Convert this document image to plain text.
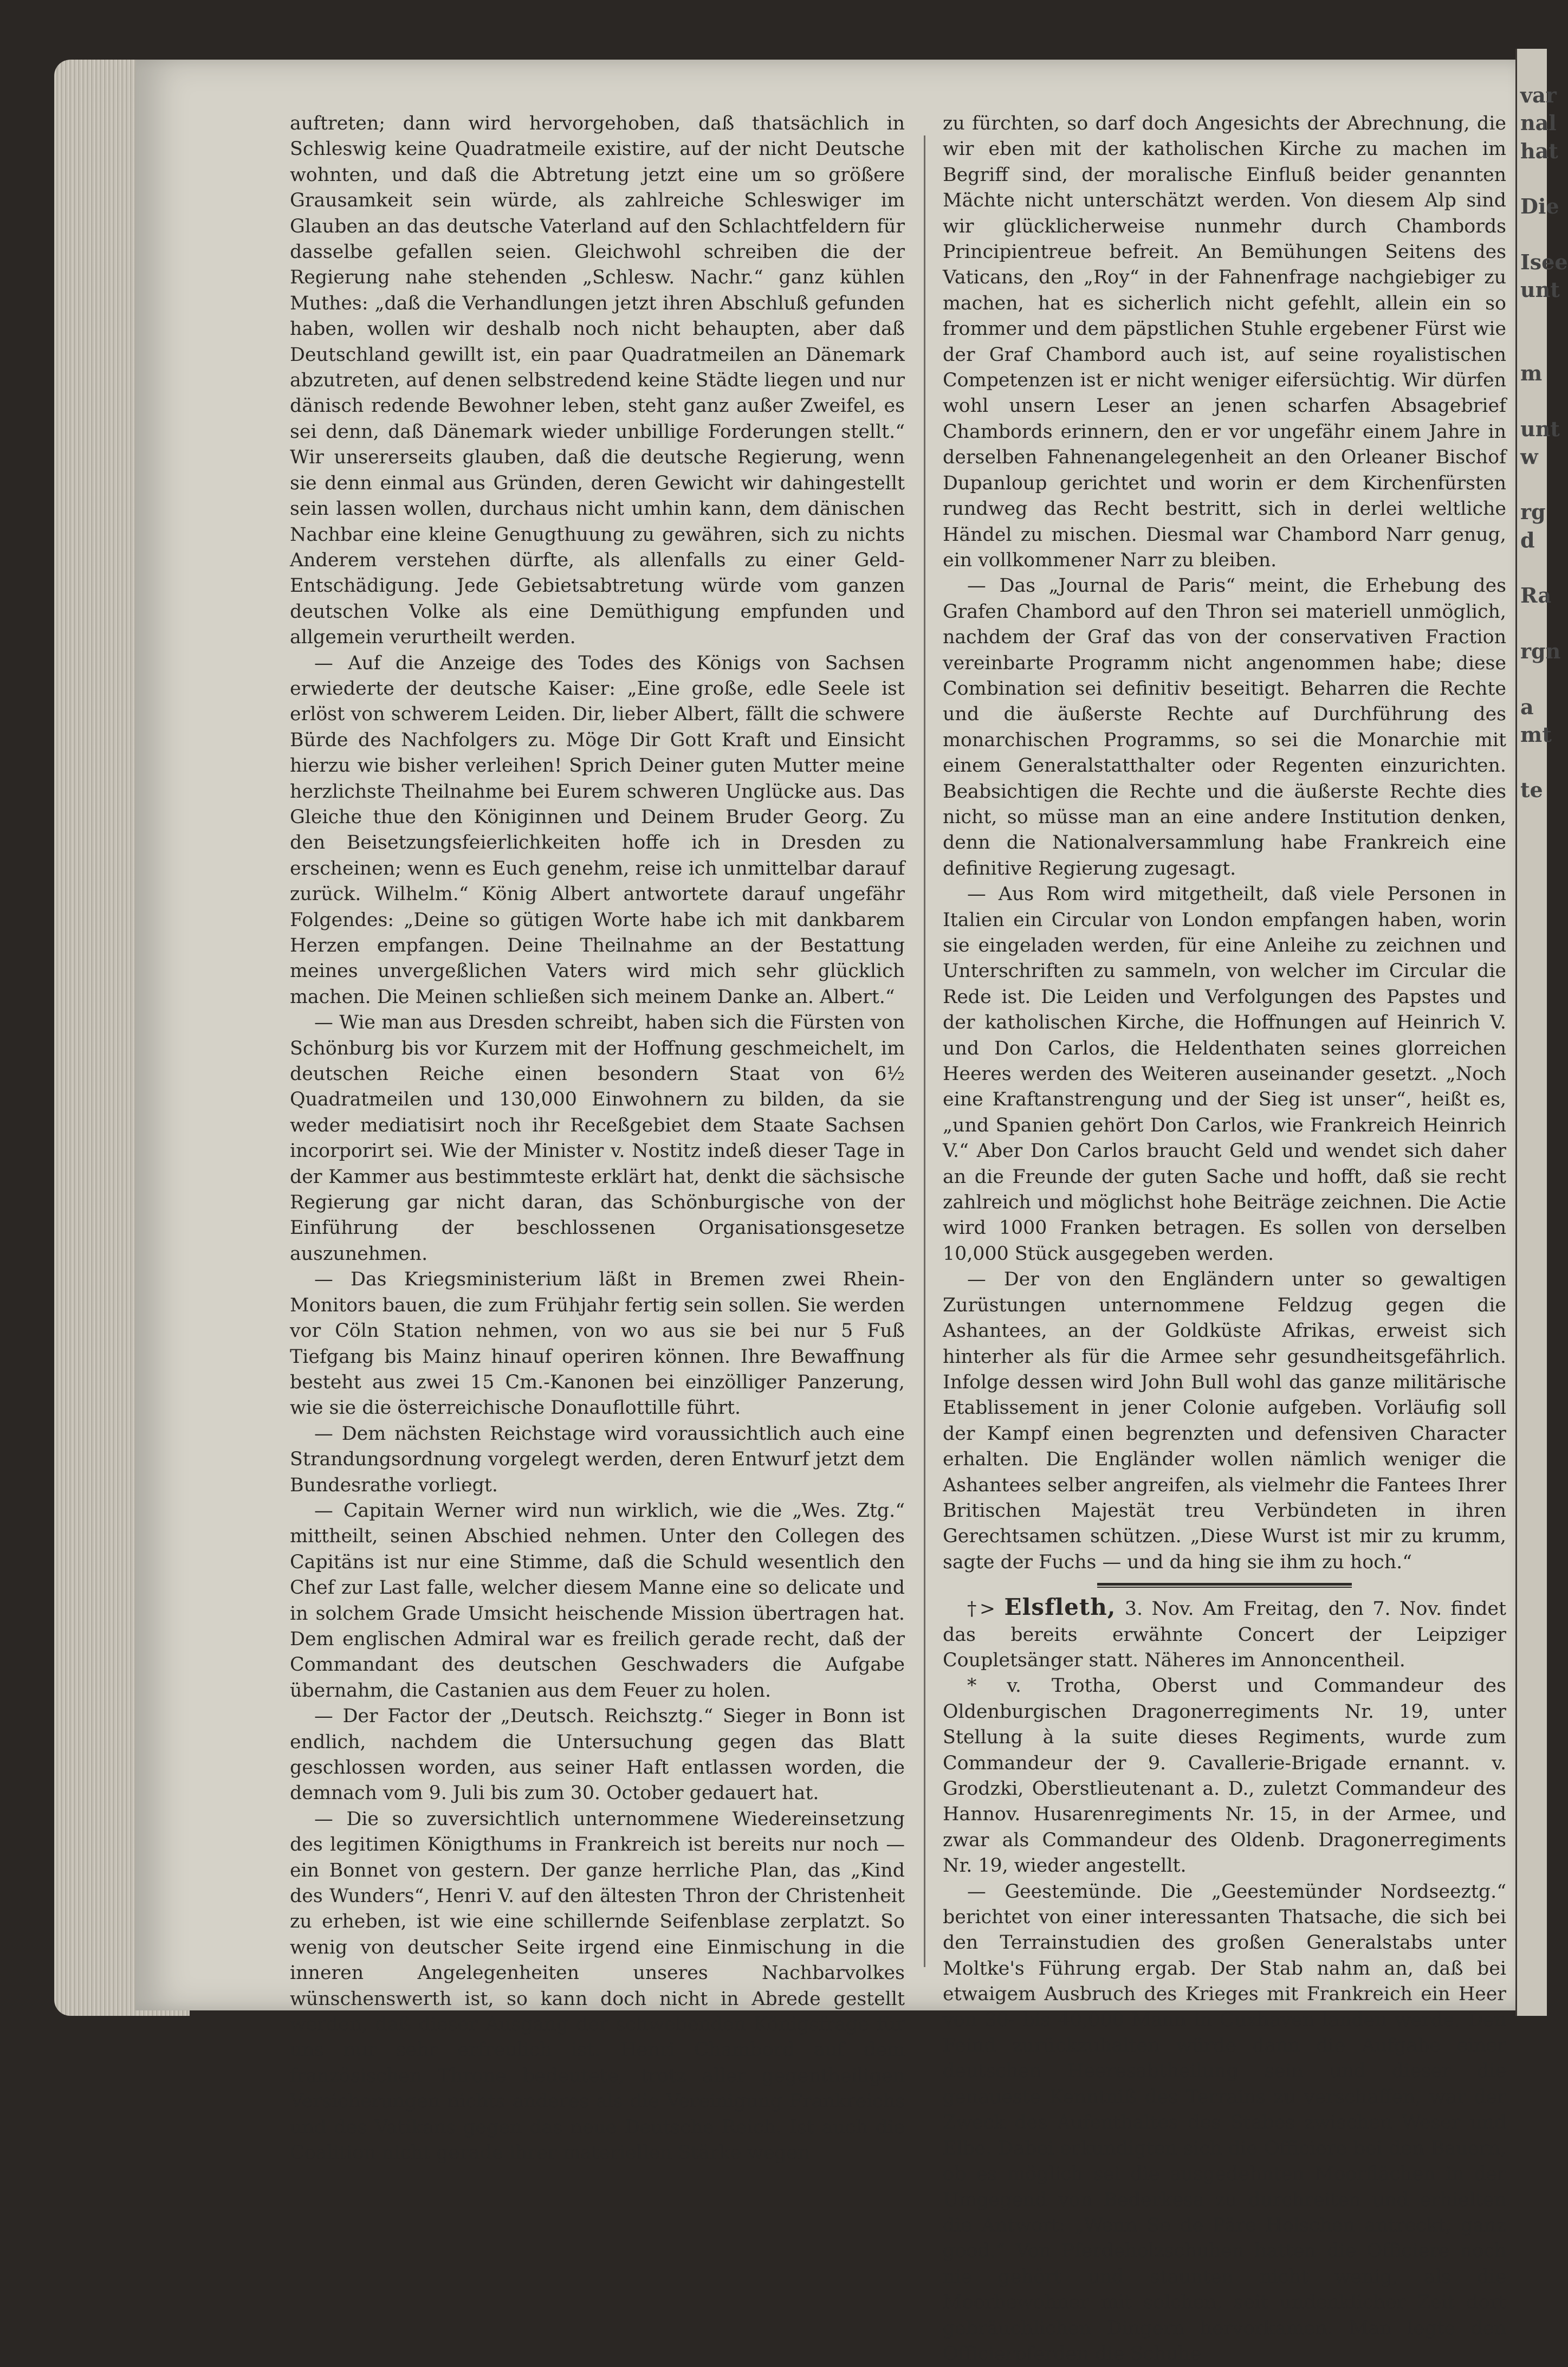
var
nal
hat

Die

Isee
unt

m

unt
w

rg
d

Ra

rgn

a
mt

te

auftreten; dann wird hervorgehoben, daß thatsächlich in Schleswig keine Quadratmeile existire, auf der nicht Deutsche wohnten, und daß die Abtretung jetzt eine um so größere Grausamkeit sein würde, als zahlreiche Schleswiger im Glauben an das deutsche Vaterland auf den Schlachtfeldern für dasselbe gefallen seien. Gleichwohl schreiben die der Regierung nahe stehenden „Schlesw. Nachr.“ ganz kühlen Muthes: „daß die Verhandlungen jetzt ihren Abschluß gefunden haben, wollen wir deshalb noch nicht behaupten, aber daß Deutschland gewillt ist, ein paar Quadratmeilen an Dänemark abzutreten, auf denen selbstredend keine Städte liegen und nur dänisch redende Bewohner leben, steht ganz außer Zweifel, es sei denn, daß Dänemark wieder unbillige Forderungen stellt.“ Wir unsererseits glauben, daß die deutsche Regierung, wenn sie denn einmal aus Gründen, deren Gewicht wir dahingestellt sein lassen wollen, durchaus nicht umhin kann, dem dänischen Nachbar eine kleine Genugthuung zu gewähren, sich zu nichts Anderem verstehen dürfte, als allenfalls zu einer Geld-Entschädigung. Jede Gebietsabtretung würde vom ganzen deutschen Volke als eine Demüthigung empfunden und allgemein verurtheilt werden.

— Auf die Anzeige des Todes des Königs von Sachsen erwiederte der deutsche Kaiser: „Eine große, edle Seele ist erlöst von schwerem Leiden. Dir, lieber Albert, fällt die schwere Bürde des Nachfolgers zu. Möge Dir Gott Kraft und Einsicht hierzu wie bisher verleihen! Sprich Deiner guten Mutter meine herzlichste Theilnahme bei Eurem schweren Unglücke aus. Das Gleiche thue den Königinnen und Deinem Bruder Georg. Zu den Beisetzungsfeierlichkeiten hoffe ich in Dresden zu erscheinen; wenn es Euch genehm, reise ich unmittelbar darauf zurück. Wilhelm.“ König Albert antwortete darauf ungefähr Folgendes: „Deine so gütigen Worte habe ich mit dankbarem Herzen empfangen. Deine Theilnahme an der Bestattung meines unvergeßlichen Vaters wird mich sehr glücklich machen. Die Meinen schließen sich meinem Danke an. Albert.“

— Wie man aus Dresden schreibt, haben sich die Fürsten von Schönburg bis vor Kurzem mit der Hoffnung geschmeichelt, im deutschen Reiche einen besondern Staat von 6½ Quadratmeilen und 130,000 Einwohnern zu bilden, da sie weder mediatisirt noch ihr Receßgebiet dem Staate Sachsen incorporirt sei. Wie der Minister v. Nostitz indeß dieser Tage in der Kammer aus bestimmteste erklärt hat, denkt die sächsische Regierung gar nicht daran, das Schönburgische von der Einführung der beschlossenen Organisationsgesetze auszunehmen.

— Das Kriegsministerium läßt in Bremen zwei Rhein-Monitors bauen, die zum Frühjahr fertig sein sollen. Sie werden vor Cöln Station nehmen, von wo aus sie bei nur 5 Fuß Tiefgang bis Mainz hinauf operiren können. Ihre Bewaffnung besteht aus zwei 15 Cm.-Kanonen bei einzölliger Panzerung, wie sie die österreichische Donauflottille führt.

— Dem nächsten Reichstage wird voraussichtlich auch eine Strandungsordnung vorgelegt werden, deren Entwurf jetzt dem Bundesrathe vorliegt.

— Capitain Werner wird nun wirklich, wie die „Wes. Ztg.“ mittheilt, seinen Abschied nehmen. Unter den Collegen des Capitäns ist nur eine Stimme, daß die Schuld wesentlich den Chef zur Last falle, welcher diesem Manne eine so delicate und in solchem Grade Umsicht heischende Mission übertragen hat. Dem englischen Admiral war es freilich gerade recht, daß der Commandant des deutschen Geschwaders die Aufgabe übernahm, die Castanien aus dem Feuer zu holen.

— Der Factor der „Deutsch. Reichsztg.“ Sieger in Bonn ist endlich, nachdem die Untersuchung gegen das Blatt geschlossen worden, aus seiner Haft entlassen worden, die demnach vom 9. Juli bis zum 30. October gedauert hat.

— Die so zuversichtlich unternommene Wiedereinsetzung des legitimen Königthums in Frankreich ist bereits nur noch — ein Bonnet von gestern. Der ganze herrliche Plan, das „Kind des Wunders“, Henri V. auf den ältesten Thron der Christenheit zu erheben, ist wie eine schillernde Seifenblase zerplatzt. So wenig von deutscher Seite irgend eine Einmischung in die inneren Angelegenheiten unseres Nachbarvolkes wünschenswerth ist, so kann doch nicht in Abrede gestellt werden, daß dieser Ausgang der schwebenden Königsfrage für uns nur sehr erfreulich ist. Henri Chambord auf dem französischen Throne bedeutete, trotz aller gegentheiligen Versicherungen nichts anderes als die Vereinigung Frankreichs und des Vatikans gegen das neue Deutsche Reich. Ist auch die Coalition nicht gerade ihrer materiellen Stärke wegen

zu fürchten, so darf doch Angesichts der Abrechnung, die wir eben mit der katholischen Kirche zu machen im Begriff sind, der moralische Einfluß beider genannten Mächte nicht unterschätzt werden. Von diesem Alp sind wir glücklicherweise nunmehr durch Chambords Principientreue befreit. An Bemühungen Seitens des Vaticans, den „Roy“ in der Fahnenfrage nachgiebiger zu machen, hat es sicherlich nicht gefehlt, allein ein so frommer und dem päpstlichen Stuhle ergebener Fürst wie der Graf Chambord auch ist, auf seine royalistischen Competenzen ist er nicht weniger eifersüchtig. Wir dürfen wohl unsern Leser an jenen scharfen Absagebrief Chambords erinnern, den er vor ungefähr einem Jahre in derselben Fahnenangelegenheit an den Orleaner Bischof Dupanloup gerichtet und worin er dem Kirchenfürsten rundweg das Recht bestritt, sich in derlei weltliche Händel zu mischen. Diesmal war Chambord Narr genug, ein vollkommener Narr zu bleiben.

— Das „Journal de Paris“ meint, die Erhebung des Grafen Chambord auf den Thron sei materiell unmöglich, nachdem der Graf das von der conservativen Fraction vereinbarte Programm nicht angenommen habe; diese Combination sei definitiv beseitigt. Beharren die Rechte und die äußerste Rechte auf Durchführung des monarchischen Programms, so sei die Monarchie mit einem Generalstatthalter oder Regenten einzurichten. Beabsichtigen die Rechte und die äußerste Rechte dies nicht, so müsse man an eine andere Institution denken, denn die Nationalversammlung habe Frankreich eine definitive Regierung zugesagt.

— Aus Rom wird mitgetheilt, daß viele Personen in Italien ein Circular von London empfangen haben, worin sie eingeladen werden, für eine Anleihe zu zeichnen und Unterschriften zu sammeln, von welcher im Circular die Rede ist. Die Leiden und Verfolgungen des Papstes und der katholischen Kirche, die Hoffnungen auf Heinrich V. und Don Carlos, die Heldenthaten seines glorreichen Heeres werden des Weiteren auseinander gesetzt. „Noch eine Kraftanstrengung und der Sieg ist unser“, heißt es, „und Spanien gehört Don Carlos, wie Frankreich Heinrich V.“ Aber Don Carlos braucht Geld und wendet sich daher an die Freunde der guten Sache und hofft, daß sie recht zahlreich und möglichst hohe Beiträge zeichnen. Die Actie wird 1000 Franken betragen. Es sollen von derselben 10,000 Stück ausgegeben werden.

— Der von den Engländern unter so gewaltigen Zurüstungen unternommene Feldzug gegen die Ashantees, an der Goldküste Afrikas, erweist sich hinterher als für die Armee sehr gesundheitsgefährlich. Infolge dessen wird John Bull wohl das ganze militärische Etablissement in jener Colonie aufgeben. Vorläufig soll der Kampf einen begrenzten und defensiven Character erhalten. Die Engländer wollen nämlich weniger die Ashantees selber angreifen, als vielmehr die Fantees Ihrer Britischen Majestät treu Verbündeten in ihren Gerechtsamen schützen. „Diese Wurst ist mir zu krumm, sagte der Fuchs — und da hing sie ihm zu hoch.“

†> Elsfleth, 3. Nov. Am Freitag, den 7. Nov. findet das bereits erwähnte Concert der Leipziger Coupletsänger statt. Näheres im Annoncentheil.

* v. Trotha, Oberst und Commandeur des Oldenburgischen Dragonerregiments Nr. 19, unter Stellung à la suite dieses Regiments, wurde zum Commandeur der 9. Cavallerie-Brigade ernannt. v. Grodzki, Oberstlieutenant a. D., zuletzt Commandeur des Hannov. Husarenregiments Nr. 15, in der Armee, und zwar als Commandeur des Oldenb. Dragonerregiments Nr. 19, wieder angestellt.

— Geestemünde. Die „Geestemünder Nordseeztg.“ berichtet von einer interessanten Thatsache, die sich bei den Terrainstudien des großen Generalstabs unter Moltke's Führung ergab. Der Stab nahm an, daß bei etwaigem Ausbruch des Krieges mit Frankreich ein Heer von 30- bis 40,000 Mann in Cuxhaven landen werde. Den Feind zurückzuhalten würde dann die Aufgabe einer deutschen Heeresabtheilung sein und dieser die genaueste Kenntniß des Terrains zu verschaffen, war der Zweck des Aufenthaltes des Stabes zwischen Weser und Elbe. Dabei erkundigten sich die Officiere bei den Bauern, ob es möglich sei die ausgedehnten Moorflächen in der Umgegend von Bederkesa zu durchreiten und erhielten die Antwort: „Wenn Se de Päre Holschen antreckt, ganz good.“ Von Pferdeholzschuhen hatten die Officiere noch nie gehört und staunten nicht wenig, als die Moorbewohner mit solchen, seit undenklicher Zeit dort gebräuchlichen Dingern hervorkamen. Man legte den Officierpferden die Schuhe
